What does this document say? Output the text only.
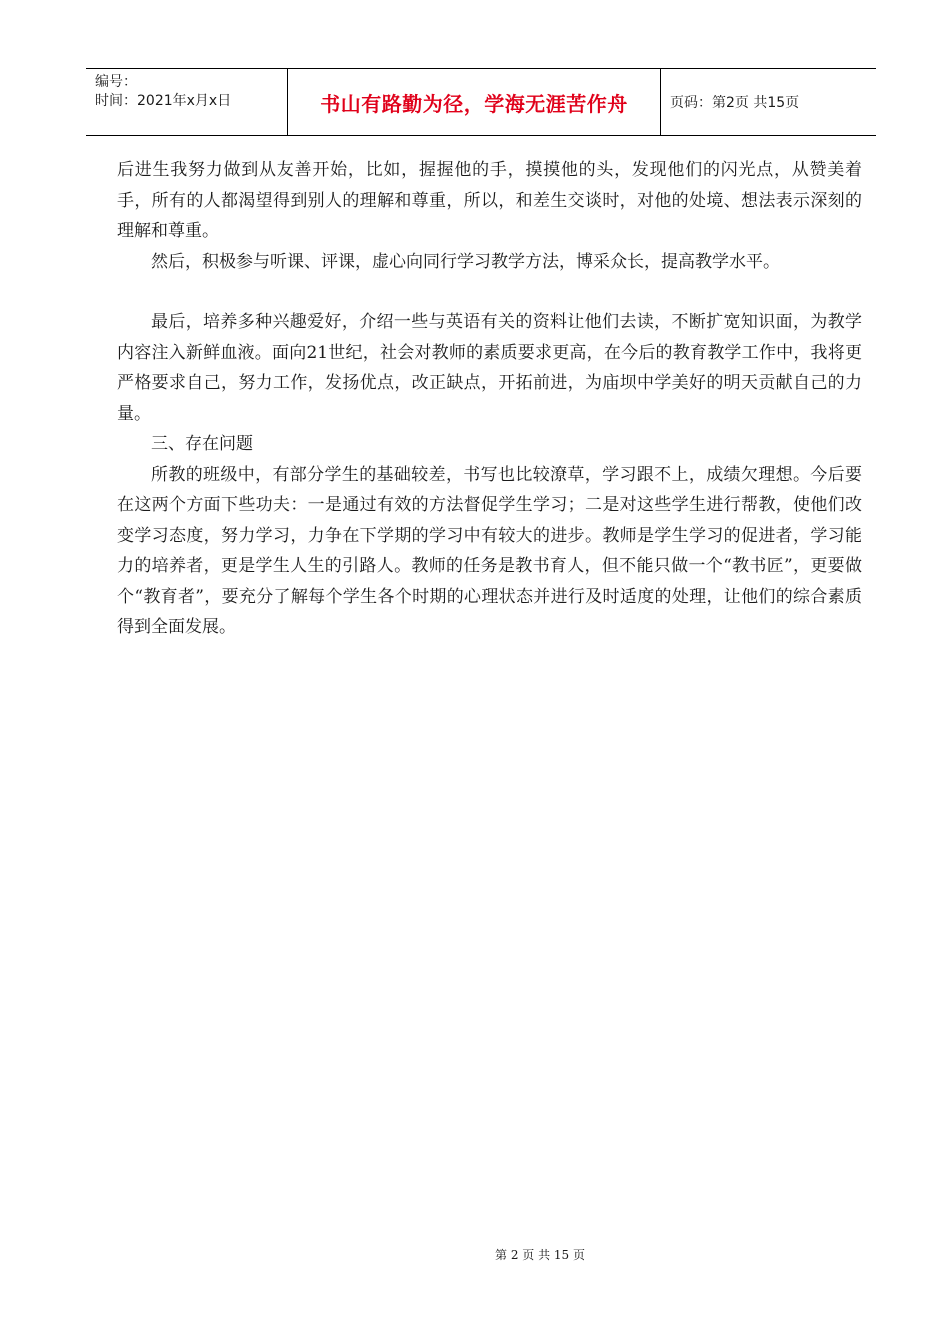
编号：
时间：2021年x月x日	书山有路勤为径，学海无涯苦作舟	页码：第2页 共15页

后进生我努力做到从友善开始，比如，握握他的手，摸摸他的头，发现他们的闪光点，从赞美着手，所有的人都渴望得到别人的理解和尊重，所以，和差生交谈时，对他的处境、想法表示深刻的理解和尊重。

然后，积极参与听课、评课，虚心向同行学习教学方法，博采众长，提高教学水平。

最后，培养多种兴趣爱好，介绍一些与英语有关的资料让他们去读，不断扩宽知识面，为教学内容注入新鲜血液。面向21世纪，社会对教师的素质要求更高，在今后的教育教学工作中，我将更严格要求自己，努力工作，发扬优点，改正缺点，开拓前进，为庙坝中学美好的明天贡献自己的力量。

三、存在问题

所教的班级中，有部分学生的基础较差，书写也比较潦草，学习跟不上，成绩欠理想。今后要在这两个方面下些功夫：一是通过有效的方法督促学生学习；二是对这些学生进行帮教，使他们改变学习态度，努力学习，力争在下学期的学习中有较大的进步。教师是学生学习的促进者，学习能力的培养者，更是学生人生的引路人。教师的任务是教书育人，但不能只做一个“教书匠”，更要做个“教育者”，要充分了解每个学生各个时期的心理状态并进行及时适度的处理，让他们的综合素质得到全面发展。

第 2 页 共 15 页
